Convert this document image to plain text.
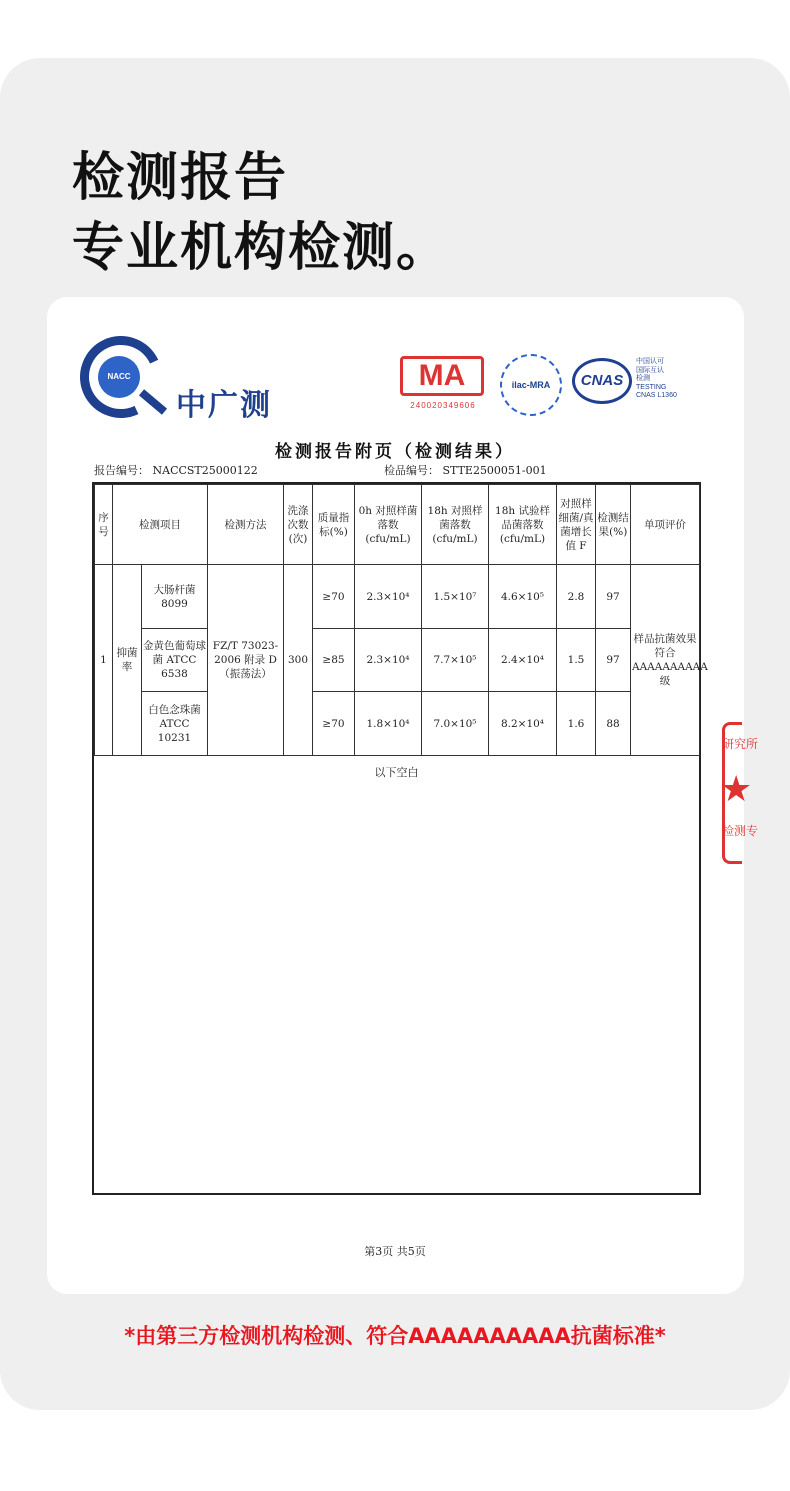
检测报告
专业机构检测。
NACC
中广测
MA
240020349606
ilac-MRA	CNAS
中国认可
国际互认
检测
TESTING
CNAS L1360
检测报告附页（检测结果）
报告编号： NACCST25000122	检品编号： STTE2500051-001
序号	检测项目		检测方法	洗涤次数(次)	质量指标(%)	0h 对照样菌落数(cfu/mL)	18h 对照样菌落数(cfu/mL)	18h 试验样品菌落数(cfu/mL)	对照样细菌/真菌增长值 F	检测结果(%)	单项评价
1	抑菌率	大肠杆菌 8099	FZ/T 73023-2006 附录 D（振荡法）	300	≥70	2.3×10⁴	1.5×10⁷	4.6×10⁵	2.8	97	样品抗菌效果符合AAAAAAAAAA级
		金黄色葡萄球菌 ATCC 6538			≥85	2.3×10⁴	7.7×10⁵	2.4×10⁴	1.5	97	
		白色念珠菌 ATCC 10231			≥70	1.8×10⁴	7.0×10⁵	8.2×10⁴	1.6	88	
以下空白
第3页 共5页
研究所
★
检测专
*由第三方检测机构检测、符合AAAAAAAAAA抗菌标准*
